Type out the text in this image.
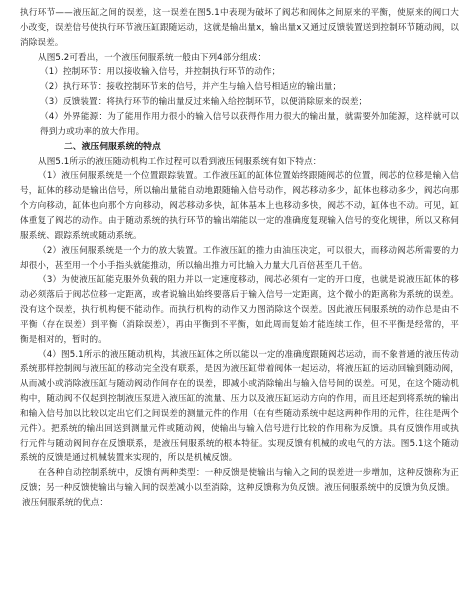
执行环节——液压缸之间的误差，这一误差在图5.1中表现为破坏了阀芯和阀体之间原来的平衡，使原来的阀口大小改变，误差信号使执行环节液压缸跟随运动，这就是输出量x，输出量x又通过反馈装置送到控制环节随动阀，以消除误差。

从图5.2可看出，一个液压伺服系统一般由下列4部分组成：

（1）控制环节：用以接收输入信号，并控制执行环节的动作；

（2）执行环节：接收控制环节来的信号，并产生与输入信号相适应的输出量；

（3）反馈装置：将执行环节的输出量反过来输入给控制环节，以便消除原来的误差；

（4）外界能源：为了能用作用力很小的输入信号以获得作用力很大的输出量，就需要外加能源，这样就可以得到力或功率的放大作用。

二、液压伺服系统的特点

从图5.1所示的液压随动机构工作过程可以看到液压伺服系统有如下特点：

（1）液压伺服系统是一个位置跟踪装置。工作液压缸的缸体位置始终跟随阀芯的位置，阀芯的位移是输入信号，缸体的移动是输出信号，所以输出量能自动地跟随输入信号动作，阀芯移动多少，缸体也移动多少，阀芯向那个方向移动，缸体也向那个方向移动，阀芯移动多快，缸体基本上也移动多快，阀芯不动，缸体也不动。可见，缸体重复了阀芯的动作。由于随动系统的执行环节的输出端能以一定的准确度复现输入信号的变化规律，所以又称伺服系统、跟踪系统或随动系统。

（2）液压伺服系统是一个力的放大装置。工作液压缸的推力由油压决定，可以很大，而移动阀芯所需要的力却很小，甚至用一个小手指头就能推动，所以输出推力可比输入力量大几百倍甚至几千倍。

（3）为使液压缸能克服外负载的阻力并以一定速度移动，阀芯必须有一定的开口度，也就是说液压缸体的移动必须落后于阀芯位移一定距离，或者说输出始终要落后于输入信号一定距离，这个微小的距离称为系统的误差。没有这个误差，执行机构便不能动作。而执行机构的动作又力图消除这个误差。因此液压伺服系统的动作总是由不平衡（存在误差）到平衡（消除误差），再由平衡到不平衡，如此周而复始才能连续工作，但不平衡是经常的，平衡是相对的，暂时的。

（4）图5.1所示的液压随动机构，其液压缸体之所以能以一定的准确度跟随阀芯运动，而不象普通的液压传动系统那样控制阀与液压缸的移动完全没有联系，是因为液压缸带着阀体一起运动，将液压缸的运动回输到随动阀，从而减小或消除液压缸与随动阀动作间存在的误差，即减小或消除输出与输入信号间的误差。可见，在这个随动机构中，随动阀不仅起到控制液压泵进入液压缸的流量、压力以及液压缸运动方向的作用，而且还起到将系统的输出和输入信号加以比较以定出它们之间误差的测量元件的作用（在有些随动系统中起这两种作用的元件，往往是两个元件）。把系统的输出回送到测量元件或随动阀，使输出与输入信号进行比较的作用称为反馈。具有反馈作用或执行元件与随动阀间存在反馈联系，是液压伺服系统的根本特征。实现反馈有机械的或电气的方法。图5.1这个随动系统的反馈是通过机械装置来实现的，所以是机械反馈。

在各种自动控制系统中，反馈有两种类型：一种反馈是使输出与输入之间的误差进一步增加，这种反馈称为正反馈；另一种反馈使输出与输入间的误差减小以至消除，这种反馈称为负反馈。液压伺服系统中的反馈为负反馈。

液压伺服系统的优点：
